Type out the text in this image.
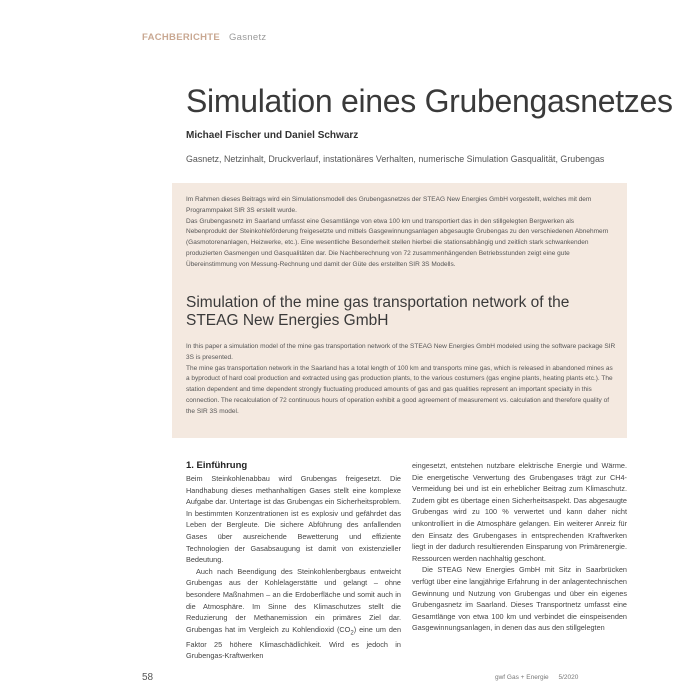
FACHBERICHTE Gasnetz
Simulation eines Grubengasnetzes
Michael Fischer und Daniel Schwarz
Gasnetz, Netzinhalt, Druckverlauf, instationäres Verhalten, numerische Simulation Gasqualität, Grubengas

Im Rahmen dieses Beitrags wird ein Simulationsmodell des Grubengasnetzes der STEAG New Energies GmbH vorgestellt, welches mit dem Programmpaket SIR 3S erstellt wurde.
Das Grubengasnetz im Saarland umfasst eine Gesamtlänge von etwa 100 km und transportiert das in den stillgelegten Bergwerken als Nebenprodukt der Steinkohleförderung freigesetzte und mittels Gasgewinnungsanlagen abgesaugte Grubengas zu den verschiedenen Abnehmern (Gasmotorenanlagen, Heizwerke, etc.). Eine wesentliche Besonderheit stellen hierbei die stationsabhängig und zeitlich stark schwankenden produzierten Gasmengen und Gasqualitäten dar. Die Nachberechnung von 72 zusammenhängenden Betriebsstunden zeigt eine gute Übereinstimmung von Messung-Rechnung und damit der Güte des erstellten SIR 3S Modells.

Simulation of the mine gas transportation network of the STEAG New Energies GmbH

In this paper a simulation model of the mine gas transportation network of the STEAG New Energies GmbH modeled using the software package SIR 3S is presented.
The mine gas transportation network in the Saarland has a total length of 100 km and transports mine gas, which is released in abandoned mines as a byproduct of hard coal production and extracted using gas production plants, to the various costumers (gas engine plants, heating plants etc.). The station dependent and time dependent strongly fluctuating produced amounts of gas and gas qualities represent an important specialty in this connection. The recalculation of 72 continuous hours of operation exhibit a good agreement of measurement vs. calculation and therefore quality of the SIR 3S model.

1. Einführung

Beim Steinkohlenabbau wird Grubengas freigesetzt. Die Handhabung dieses methanhaltigen Gases stellt eine komplexe Aufgabe dar. Untertage ist das Grubengas ein Sicherheitsproblem. In bestimmten Konzentrationen ist es explosiv und gefährdet das Leben der Bergleute. Die sichere Abführung des anfallenden Gases über ausreichende Bewetterung und effiziente Technologien der Gasabsaugung ist damit von existenzieller Bedeutung.

Auch nach Beendigung des Steinkohlenbergbaus entweicht Grubengas aus der Kohlelagerstätte und gelangt – ohne besondere Maßnahmen – an die Erdoberfläche und somit auch in die Atmosphäre. Im Sinne des Klimaschutzes stellt die Reduzierung der Methanemission ein primäres Ziel dar. Grubengas hat im Vergleich zu Kohlendioxid $(CO_2)$ eine um den Faktor 25 höhere Klimaschädlichkeit. Wird es jedoch in Grubengas-Kraftwerken

eingesetzt, entstehen nutzbare elektrische Energie und Wärme. Die energetische Verwertung des Grubengases trägt zur CH4-Vermeidung bei und ist ein erheblicher Beitrag zum Klimaschutz. Zudem gibt es übertage einen Sicherheitsaspekt. Das abgesaugte Grubengas wird zu 100 % verwertet und kann daher nicht unkontrolliert in die Atmosphäre gelangen. Ein weiterer Anreiz für den Einsatz des Grubengases in entsprechenden Kraftwerken liegt in der dadurch resultierenden Einsparung von Primärenergie. Ressourcen werden nachhaltig geschont.

Die STEAG New Energies GmbH mit Sitz in Saarbrücken verfügt über eine langjährige Erfahrung in der anlagentechnischen Gewinnung und Nutzung von Grubengas und über ein eigenes Grubengasnetz im Saarland. Dieses Transportnetz umfasst eine Gesamtlänge von etwa 100 km und verbindet die einspeisenden Gasgewinnungsanlagen, in denen das aus den stillgelegten

58	gwf Gas + Energie 5/2020
